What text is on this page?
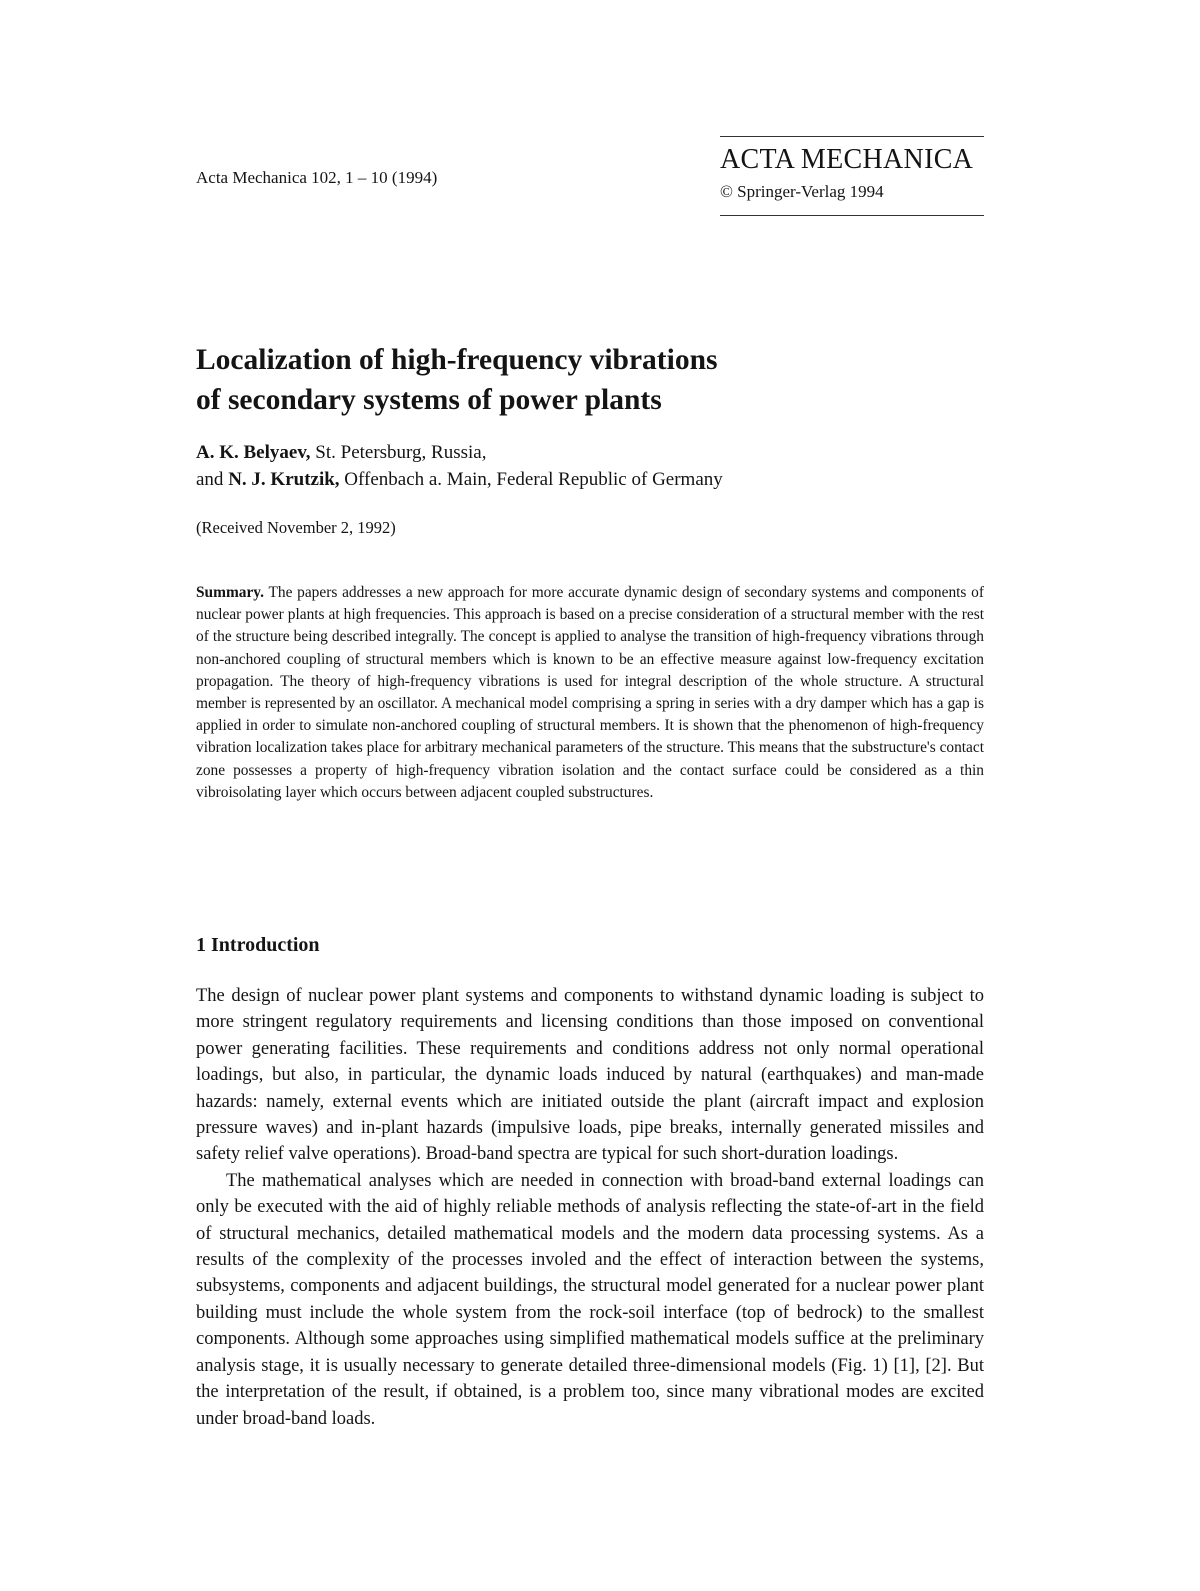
Acta Mechanica 102, 1 – 10 (1994)
ACTA MECHANICA
© Springer-Verlag 1994
Localization of high-frequency vibrations
of secondary systems of power plants
A. K. Belyaev, St. Petersburg, Russia,
and N. J. Krutzik, Offenbach a. Main, Federal Republic of Germany
(Received November 2, 1992)
Summary. The papers addresses a new approach for more accurate dynamic design of secondary systems and components of nuclear power plants at high frequencies. This approach is based on a precise consideration of a structural member with the rest of the structure being described integrally. The concept is applied to analyse the transition of high-frequency vibrations through non-anchored coupling of structural members which is known to be an effective measure against low-frequency excitation propagation. The theory of high-frequency vibrations is used for integral description of the whole structure. A structural member is represented by an oscillator. A mechanical model comprising a spring in series with a dry damper which has a gap is applied in order to simulate non-anchored coupling of structural members. It is shown that the phenomenon of high-frequency vibration localization takes place for arbitrary mechanical parameters of the structure. This means that the substructure's contact zone possesses a property of high-frequency vibration isolation and the contact surface could be considered as a thin vibroisolating layer which occurs between adjacent coupled substructures.
1 Introduction

The design of nuclear power plant systems and components to withstand dynamic loading is subject to more stringent regulatory requirements and licensing conditions than those imposed on conventional power generating facilities. These requirements and conditions address not only normal operational loadings, but also, in particular, the dynamic loads induced by natural (earthquakes) and man-made hazards: namely, external events which are initiated outside the plant (aircraft impact and explosion pressure waves) and in-plant hazards (impulsive loads, pipe breaks, internally generated missiles and safety relief valve operations). Broad-band spectra are typical for such short-duration loadings.

The mathematical analyses which are needed in connection with broad-band external loadings can only be executed with the aid of highly reliable methods of analysis reflecting the state-of-art in the field of structural mechanics, detailed mathematical models and the modern data processing systems. As a results of the complexity of the processes involed and the effect of interaction between the systems, subsystems, components and adjacent buildings, the structural model generated for a nuclear power plant building must include the whole system from the rock-soil interface (top of bedrock) to the smallest components. Although some approaches using simplified mathematical models suffice at the preliminary analysis stage, it is usually necessary to generate detailed three-dimensional models (Fig. 1) [1], [2]. But the interpretation of the result, if obtained, is a problem too, since many vibrational modes are excited under broad-band loads.
